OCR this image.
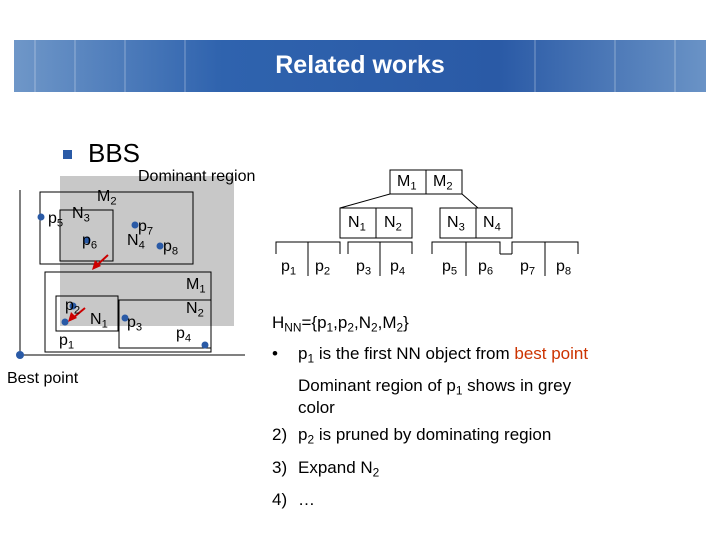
Related works
BBS
Dominant region
Best point
$M_2$
$N_3$
$p_5$
$p_6$
$p_7$
$N_4$ $p_8$
$M_1$
$N_2$
$p_2$
$N_1$ $p_3$ $p_4$
$p_1$
$M_1$ $M_2$
$N_1$ $N_2$	$N_3$ $N_4$
$p_1$ $p_2$ $p_3$ $p_4$ $p_5$ $p_6$ $p_7$ $p_8$
$H_{NN}=\{p_1,p_2,N_2,M_2\}$
• $p_1$ is the first NN object from best point
Dominant region of $p_1$ shows in grey
color
2) $p_2$ is pruned by dominating region
3) Expand $N_2$
4) …
